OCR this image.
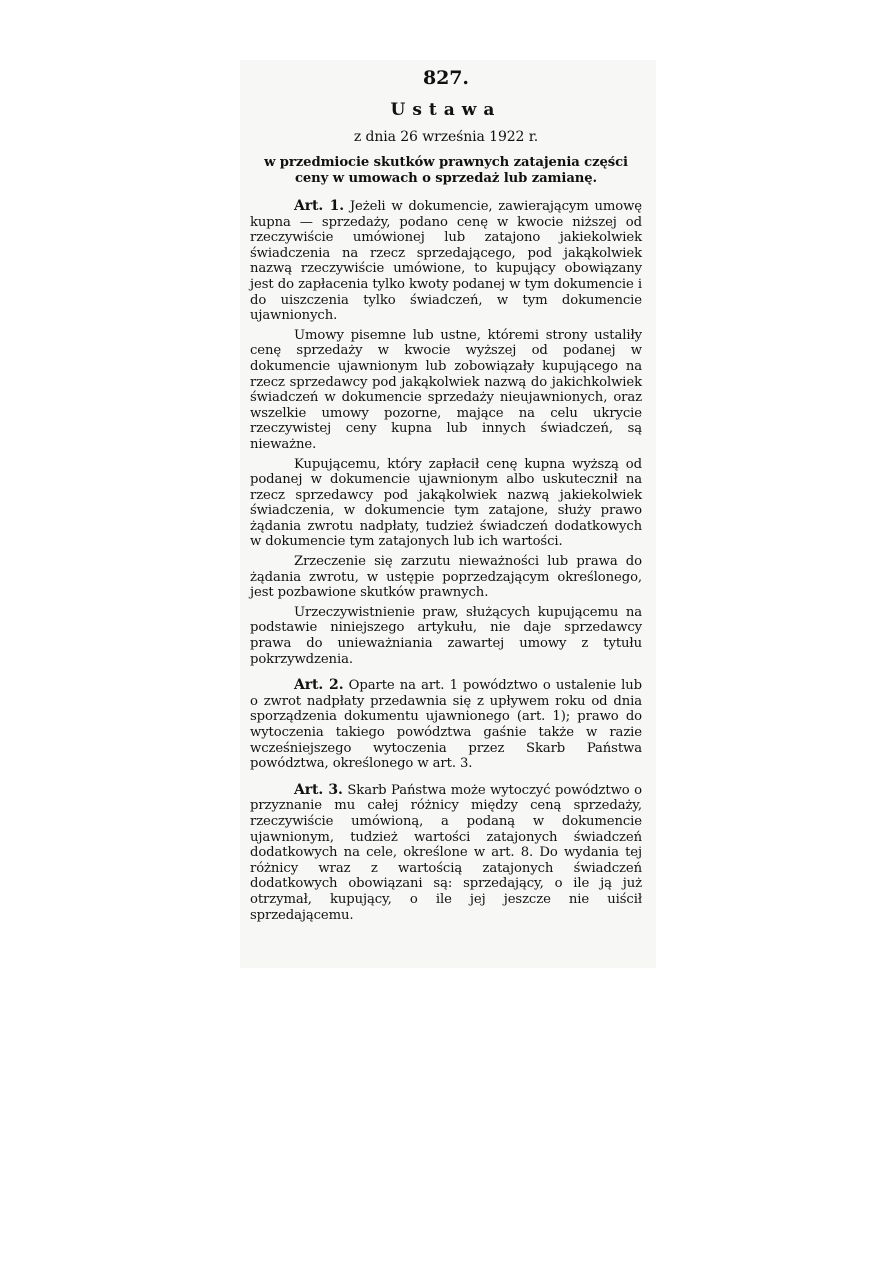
827.
Ustawa
z dnia 26 września 1922 r.
w przedmiocie skutków prawnych zatajenia części ceny w umowach o sprzedaż lub zamianę.

Art. 1. Jeżeli w dokumencie, zawierającym umowę kupna — sprzedaży, podano cenę w kwocie niższej od rzeczywiście umówionej lub zatajono jakiekolwiek świadczenia na rzecz sprzedającego, pod jakąkolwiek nazwą rzeczywiście umówione, to kupujący obowiązany jest do zapłacenia tylko kwoty podanej w tym dokumencie i do uiszczenia tylko świadczeń, w tym dokumencie ujawnionych.

Umowy pisemne lub ustne, któremi strony ustaliły cenę sprzedaży w kwocie wyższej od podanej w dokumencie ujawnionym lub zobowiązały kupującego na rzecz sprzedawcy pod jakąkolwiek nazwą do jakichkolwiek świadczeń w dokumencie sprzedaży nieujawnionych, oraz wszelkie umowy pozorne, mające na celu ukrycie rzeczywistej ceny kupna lub innych świadczeń, są nieważne.

Kupującemu, który zapłacił cenę kupna wyższą od podanej w dokumencie ujawnionym albo uskutecznił na rzecz sprzedawcy pod jakąkolwiek nazwą jakiekolwiek świadczenia, w dokumencie tym zatajone, służy prawo żądania zwrotu nadpłaty, tudzież świadczeń dodatkowych w dokumencie tym zatajonych lub ich wartości.

Zrzeczenie się zarzutu nieważności lub prawa do żądania zwrotu, w ustępie poprzedzającym określonego, jest pozbawione skutków prawnych.

Urzeczywistnienie praw, służących kupującemu na podstawie niniejszego artykułu, nie daje sprzedawcy prawa do unieważniania zawartej umowy z tytułu pokrzywdzenia.

Art. 2. Oparte na art. 1 powództwo o ustalenie lub o zwrot nadpłaty przedawnia się z upływem roku od dnia sporządzenia dokumentu ujawnionego (art. 1); prawo do wytoczenia takiego powództwa gaśnie także w razie wcześniejszego wytoczenia przez Skarb Państwa powództwa, określonego w art. 3.

Art. 3. Skarb Państwa może wytoczyć powództwo o przyznanie mu całej różnicy między ceną sprzedaży, rzeczywiście umówioną, a podaną w dokumencie ujawnionym, tudzież wartości zatajonych świadczeń dodatkowych na cele, określone w art. 8. Do wydania tej różnicy wraz z wartością zatajonych świadczeń dodatkowych obowiązani są: sprzedający, o ile ją już otrzymał, kupujący, o ile jej jeszcze nie uiścił sprzedającemu.
